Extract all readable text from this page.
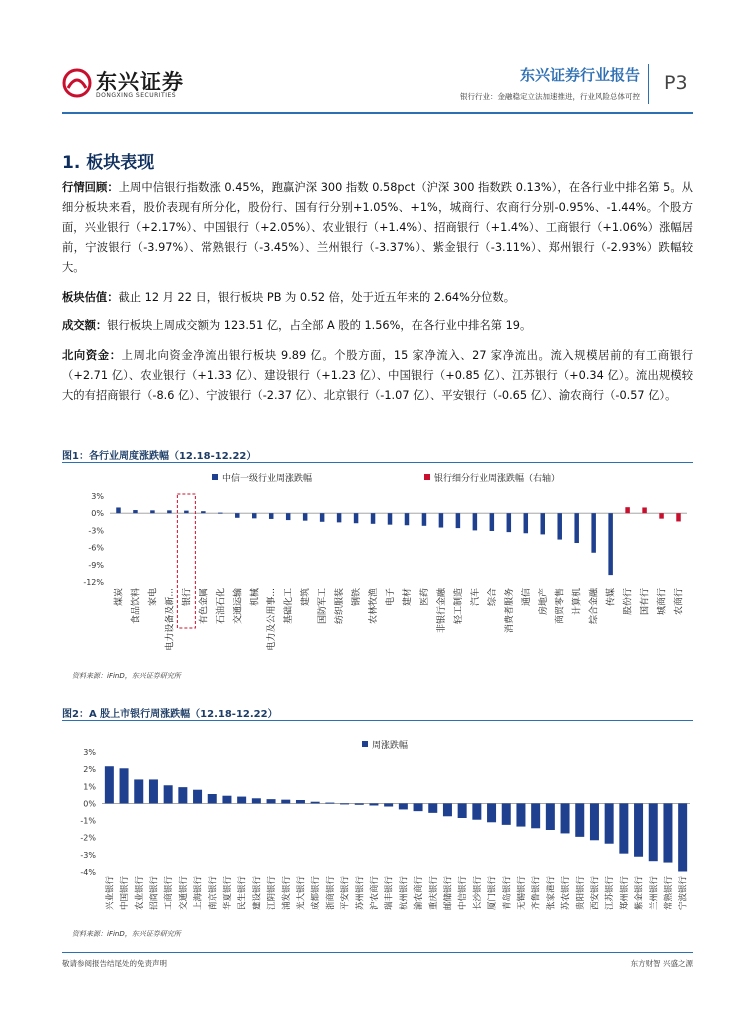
东兴证券
DONGXING SECURITIES
东兴证券行业报告
银行行业：金融稳定立法加速推进，行业风险总体可控
P3
1. 板块表现
行情回顾：上周中信银行指数涨 0.45%，跑赢沪深 300 指数 0.58pct（沪深 300 指数跌 0.13%），在各行业中排名第 5。从细分板块来看，股价表现有所分化，股份行、国有行分别+1.05%、+1%，城商行、农商行分别-0.95%、-1.44%。个股方面，兴业银行（+2.17%）、中国银行（+2.05%）、农业银行（+1.4%）、招商银行（+1.4%）、工商银行（+1.06%）涨幅居前，宁波银行（-3.97%）、常熟银行（-3.45%）、兰州银行（-3.37%）、紫金银行（-3.11%）、郑州银行（-2.93%）跌幅较大。
板块估值：截止 12 月 22 日，银行板块 PB 为 0.52 倍，处于近五年来的 2.64%分位数。
成交额：银行板块上周成交额为 123.51 亿，占全部 A 股的 1.56%，在各行业中排名第 19。
北向资金：上周北向资金净流出银行板块 9.89 亿。个股方面，15 家净流入、27 家净流出。流入规模居前的有工商银行（+2.71 亿）、农业银行（+1.33 亿）、建设银行（+1.23 亿）、中国银行（+0.85 亿）、江苏银行（+0.34 亿）。流出规模较大的有招商银行（-8.6 亿）、宁波银行（-2.37 亿）、北京银行（-1.07 亿）、平安银行（-0.65 亿）、渝农商行（-0.57 亿）。
图1：各行业周度涨跌幅（12.18-12.22）
3%
0%
-3%
-6%
-9%
-12%
中信一级行业周涨跌幅	银行细分行业周涨跌幅（右轴）
煤炭 食品饮料 家电 电力设备及新... 银行 有色金属 石油石化 交通运输 机械 电力及公用事... 基础化工 建筑 国防军工 纺织服装 钢铁 农林牧渔 电子 建材 医药 非银行金融 轻工制造 汽车 综合 消费者服务 通信 房地产 商贸零售 计算机 综合金融 传媒 股份行 国有行 城商行 农商行
资料来源：iFinD，东兴证券研究所
图2：A 股上市银行周涨跌幅（12.18-12.22）
3%
2%
1%
0%
-1%
-2%
-3%
-4%
周涨跌幅
兴业银行 中国银行 农业银行 招商银行 工商银行 交通银行 上海银行 南京银行 华夏银行 民生银行 建设银行 江阴银行 浦发银行 光大银行 成都银行 浙商银行 平安银行 苏州银行 沪农商行 瑞丰银行 杭州银行 渝农商行 重庆银行 邮储银行 中信银行 长沙银行 厦门银行 青岛银行 无锡银行 齐鲁银行 张家港行 苏农银行 贵阳银行 西安银行 江苏银行 郑州银行 紫金银行 兰州银行 常熟银行 宁波银行
资料来源：iFinD，东兴证券研究所
敬请参阅报告结尾处的免责声明	东方财智 兴盛之源
